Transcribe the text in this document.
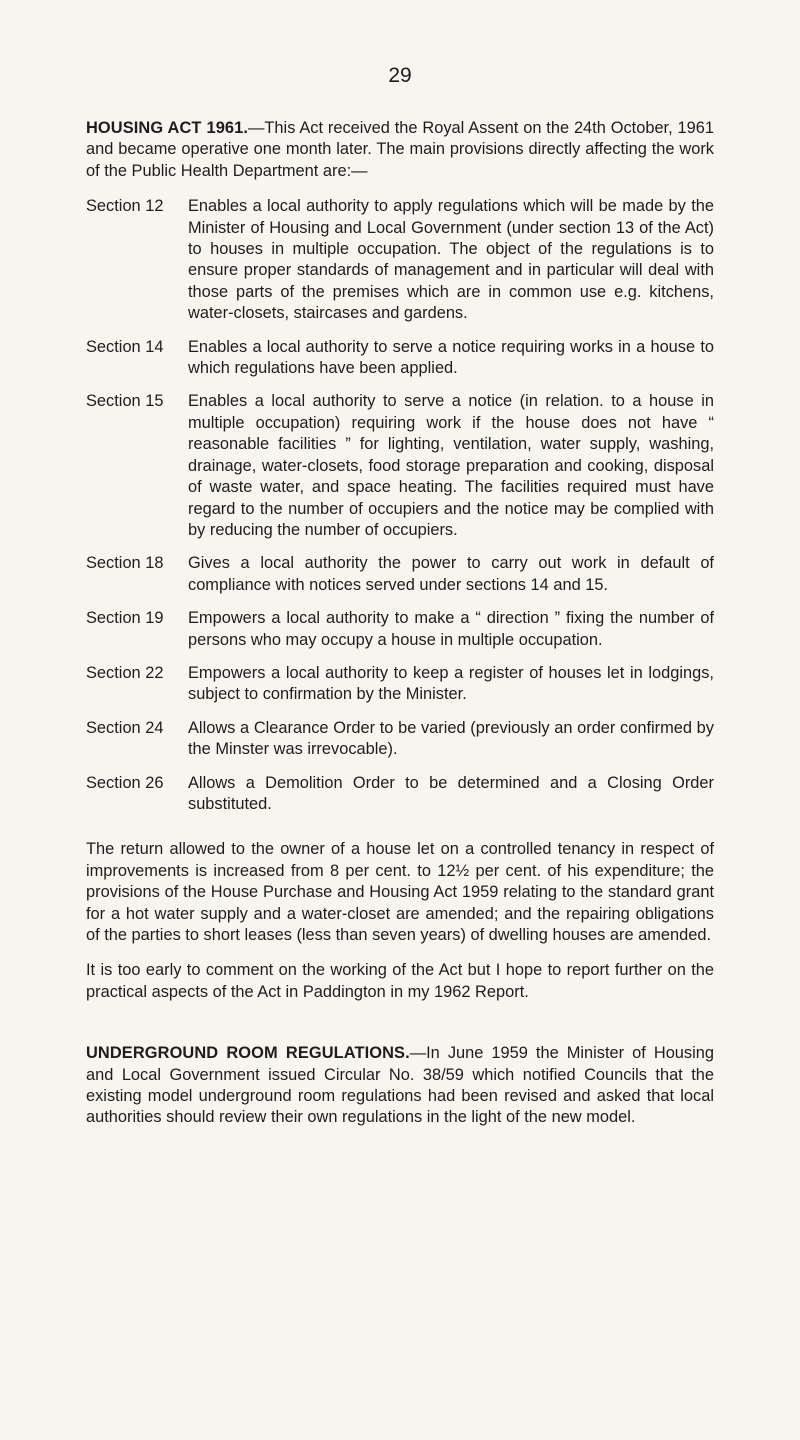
29

HOUSING ACT 1961.—This Act received the Royal Assent on the 24th October, 1961 and became operative one month later. The main provisions directly affecting the work of the Public Health Department are:—

Section 12	Enables a local authority to apply regulations which will be made by the Minister of Housing and Local Government (under section 13 of the Act) to houses in multiple occupation. The object of the regulations is to ensure proper standards of management and in particular will deal with those parts of the premises which are in common use e.g. kitchens, water-closets, staircases and gardens.
Section 14	Enables a local authority to serve a notice requiring works in a house to which regulations have been applied.
Section 15	Enables a local authority to serve a notice (in relation. to a house in multiple occupation) requiring work if the house does not have “ reasonable facilities ” for lighting, ventilation, water supply, washing, drainage, water-closets, food storage preparation and cooking, disposal of waste water, and space heating. The facilities required must have regard to the number of occupiers and the notice may be complied with by reducing the number of occupiers.
Section 18	Gives a local authority the power to carry out work in default of compliance with notices served under sections 14 and 15.
Section 19	Empowers a local authority to make a “ direction ” fixing the number of persons who may occupy a house in multiple occupation.
Section 22	Empowers a local authority to keep a register of houses let in lodgings, subject to confirmation by the Minister.
Section 24	Allows a Clearance Order to be varied (previously an order confirmed by the Minster was irrevocable).
Section 26	Allows a Demolition Order to be determined and a Closing Order substituted.

The return allowed to the owner of a house let on a controlled tenancy in respect of improvements is increased from 8 per cent. to 12½ per cent. of his expenditure; the provisions of the House Purchase and Housing Act 1959 relating to the standard grant for a hot water supply and a water-closet are amended; and the repairing obligations of the parties to short leases (less than seven years) of dwelling houses are amended.

It is too early to comment on the working of the Act but I hope to report further on the practical aspects of the Act in Paddington in my 1962 Report.

UNDERGROUND ROOM REGULATIONS.—In June 1959 the Minister of Housing and Local Government issued Circular No. 38/59 which notified Councils that the existing model underground room regulations had been revised and asked that local authorities should review their own regulations in the light of the new model.
